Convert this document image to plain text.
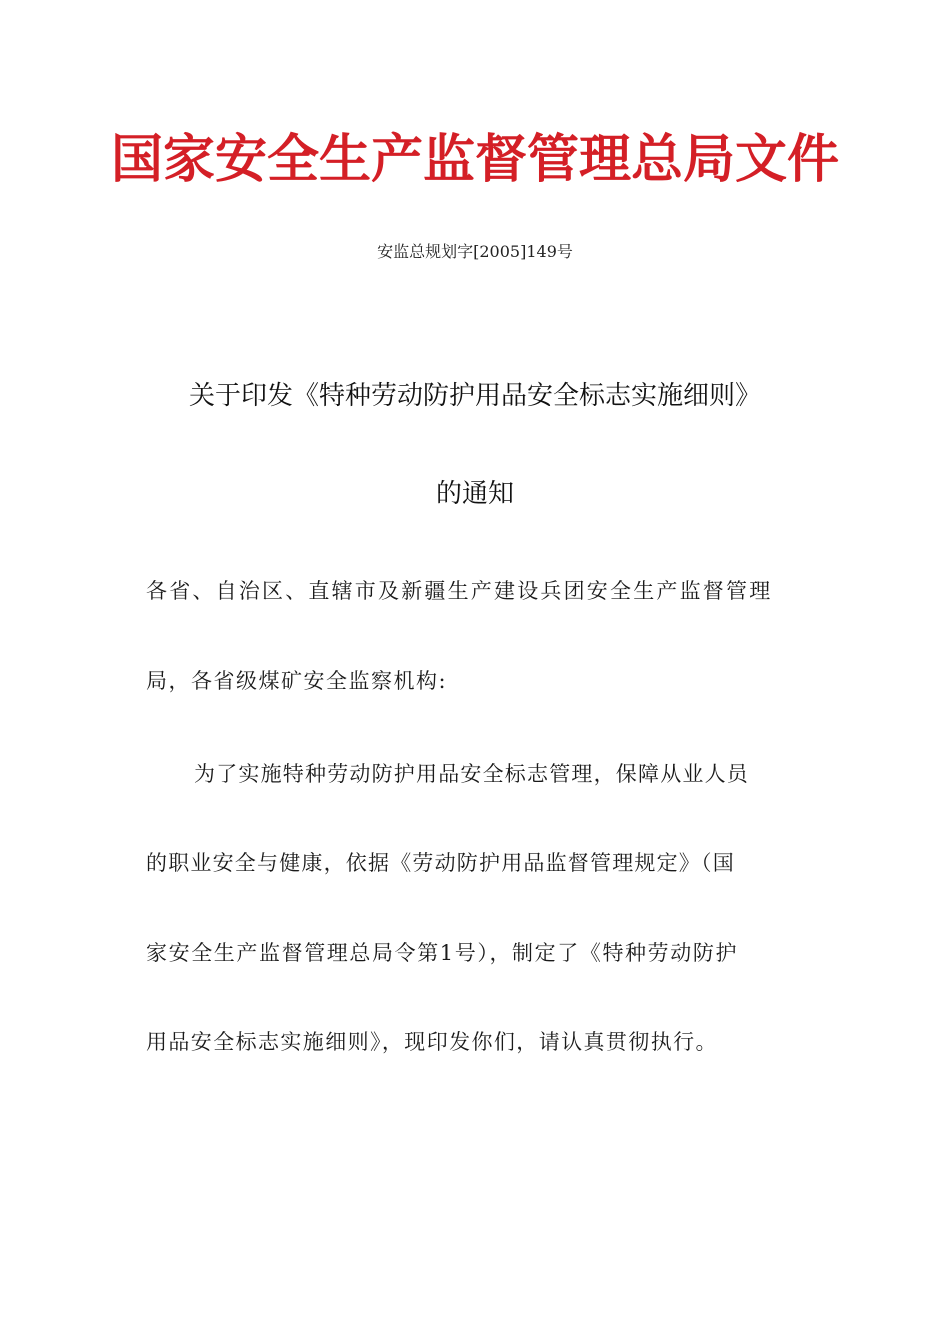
国家安全生产监督管理总局文件
安监总规划字[2005]149号
关于印发《特种劳动防护用品安全标志实施细则》
的通知
各省、自治区、直辖市及新疆生产建设兵团安全生产监督管理
局，各省级煤矿安全监察机构:
为了实施特种劳动防护用品安全标志管理，保障从业人员
的职业安全与健康，依据《劳动防护用品监督管理规定》（国
家安全生产监督管理总局令第1号），制定了《特种劳动防护
用品安全标志实施细则》，现印发你们，请认真贯彻执行。
